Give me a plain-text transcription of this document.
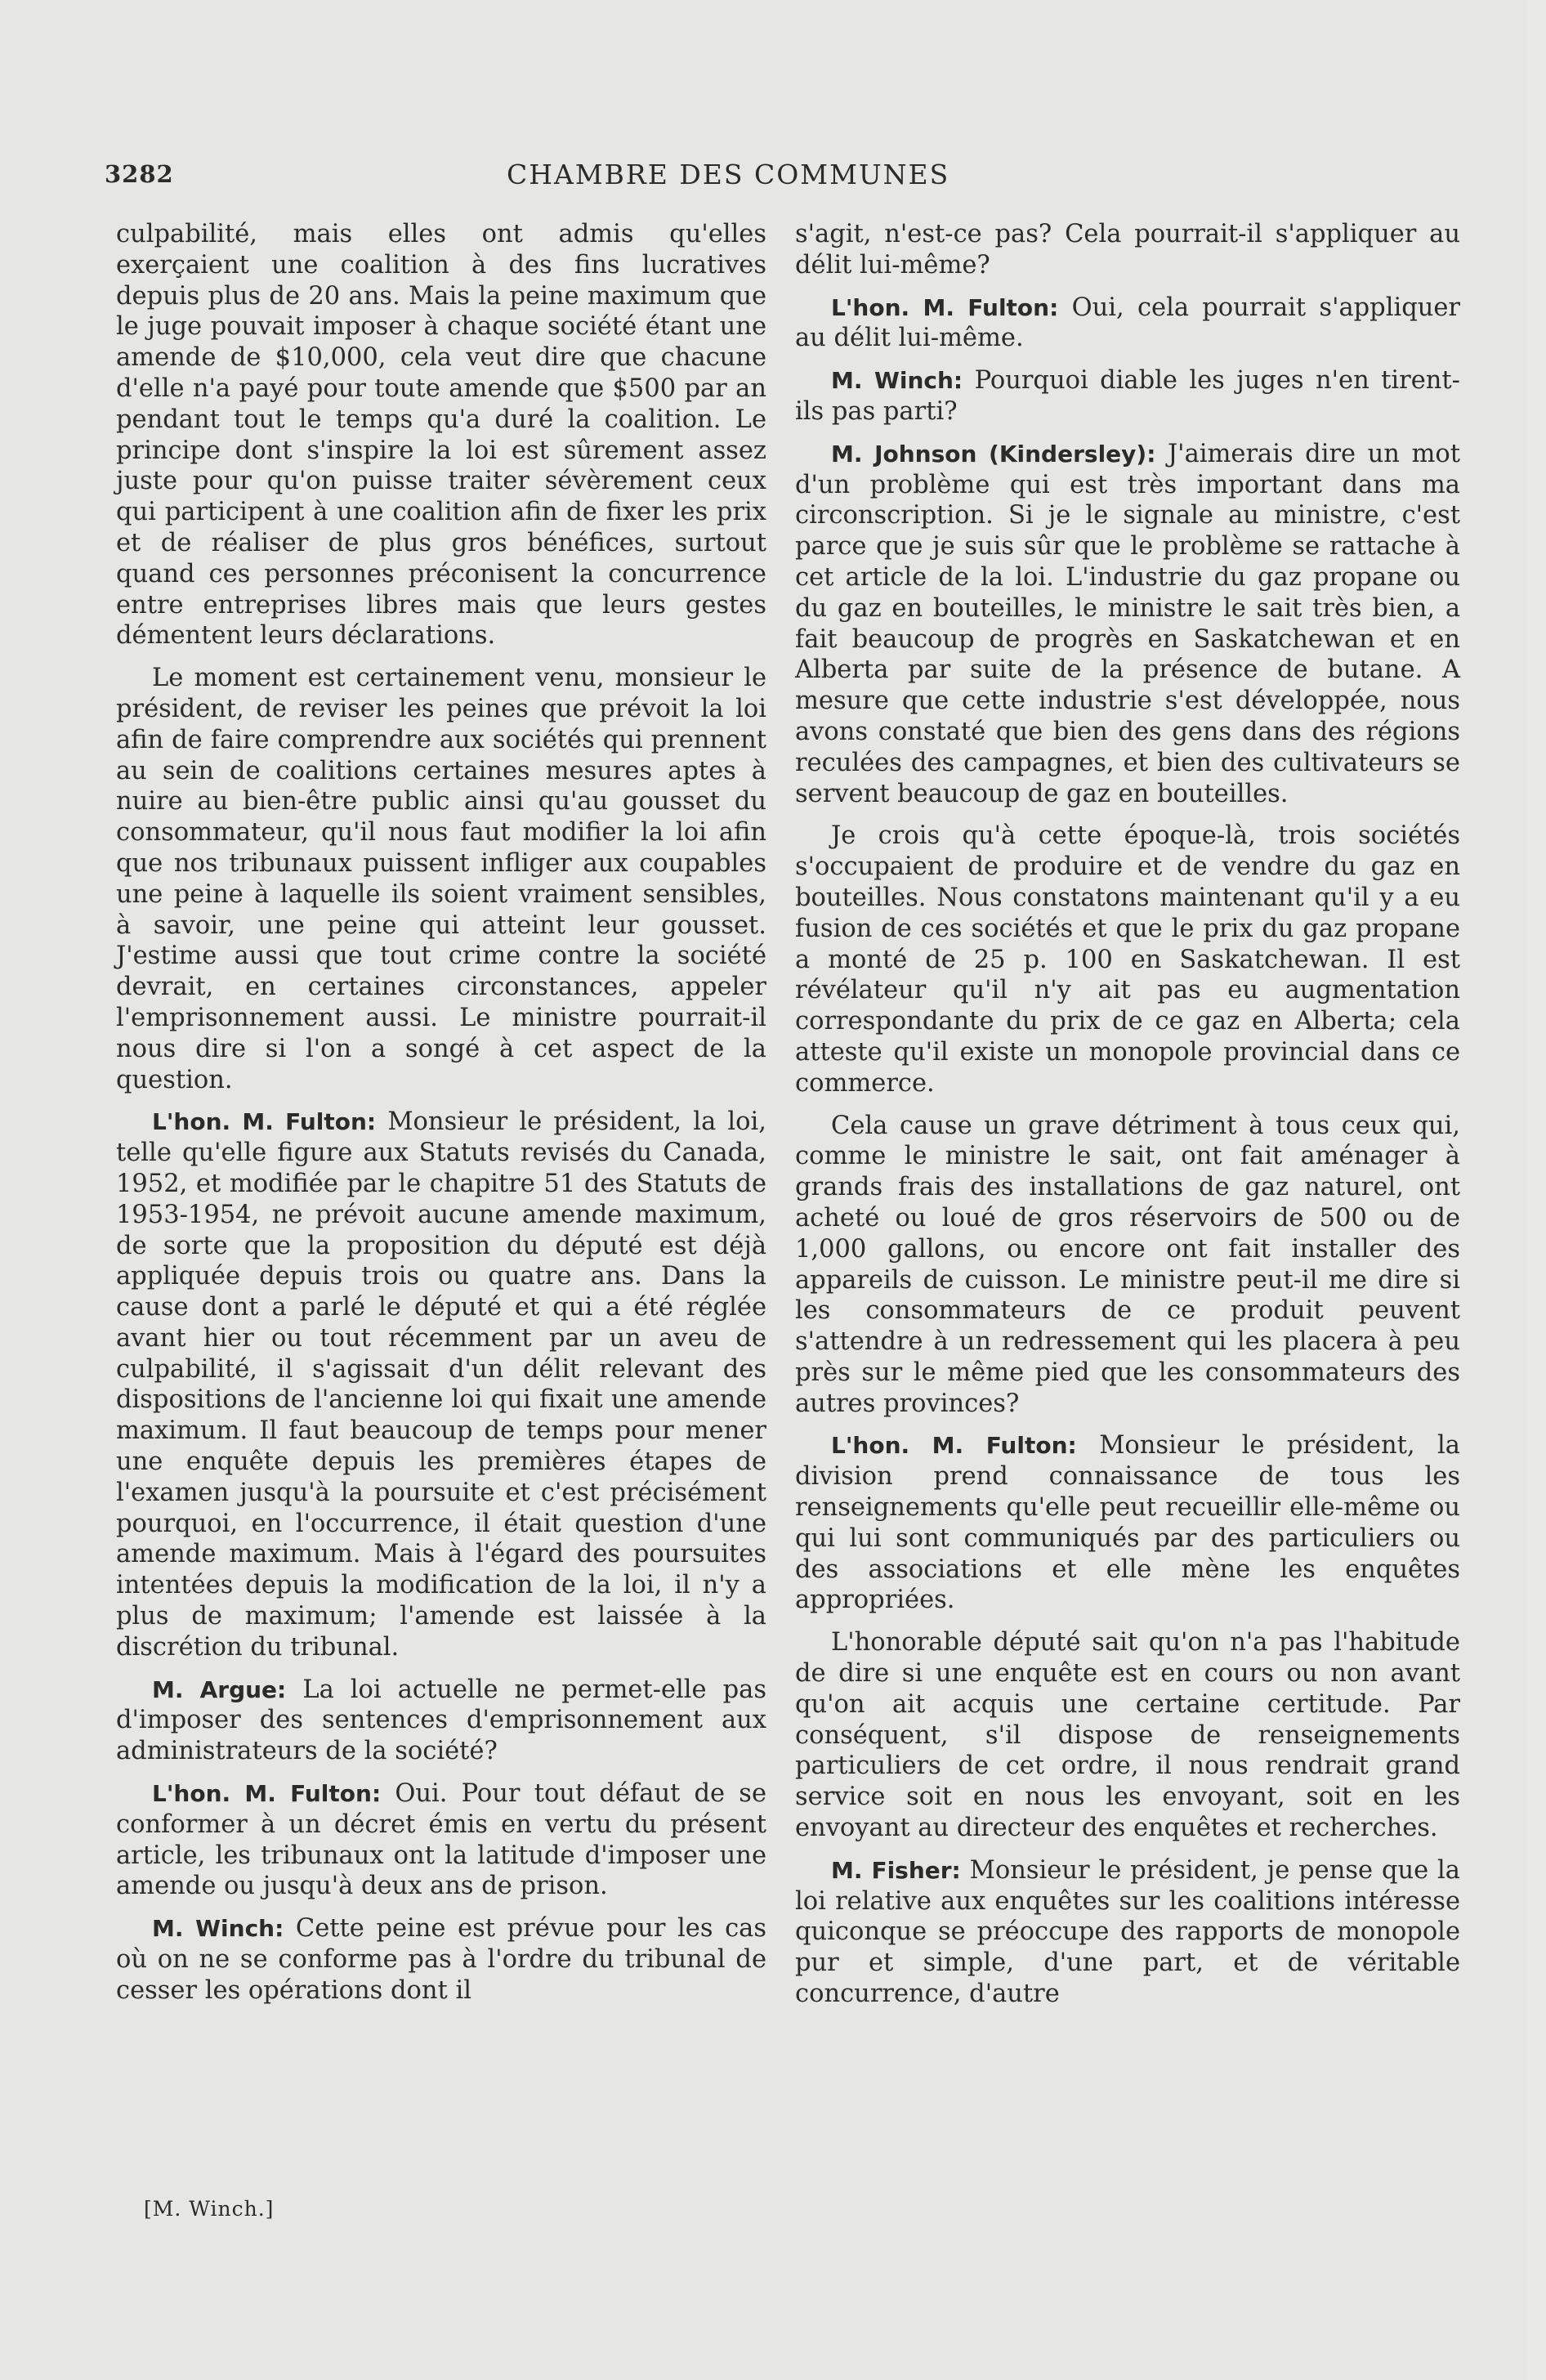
3282	CHAMBRE DES COMMUNES

culpabilité, mais elles ont admis qu'elles exerçaient une coalition à des fins lucratives depuis plus de 20 ans. Mais la peine maximum que le juge pouvait imposer à chaque société étant une amende de $10,000, cela veut dire que chacune d'elle n'a payé pour toute amende que $500 par an pendant tout le temps qu'a duré la coalition. Le principe dont s'inspire la loi est sûrement assez juste pour qu'on puisse traiter sévèrement ceux qui participent à une coalition afin de fixer les prix et de réaliser de plus gros bénéfices, surtout quand ces personnes préconisent la concurrence entre entreprises libres mais que leurs gestes démentent leurs déclarations.

Le moment est certainement venu, monsieur le président, de reviser les peines que prévoit la loi afin de faire comprendre aux sociétés qui prennent au sein de coalitions certaines mesures aptes à nuire au bien-être public ainsi qu'au gousset du consommateur, qu'il nous faut modifier la loi afin que nos tribunaux puissent infliger aux coupables une peine à laquelle ils soient vraiment sensibles, à savoir, une peine qui atteint leur gousset. J'estime aussi que tout crime contre la société devrait, en certaines circonstances, appeler l'emprisonnement aussi. Le ministre pourrait-il nous dire si l'on a songé à cet aspect de la question.

L'hon. M. Fulton: Monsieur le président, la loi, telle qu'elle figure aux Statuts revisés du Canada, 1952, et modifiée par le chapitre 51 des Statuts de 1953-1954, ne prévoit aucune amende maximum, de sorte que la proposition du député est déjà appliquée depuis trois ou quatre ans. Dans la cause dont a parlé le député et qui a été réglée avant hier ou tout récemment par un aveu de culpabilité, il s'agissait d'un délit relevant des dispositions de l'ancienne loi qui fixait une amende maximum. Il faut beaucoup de temps pour mener une enquête depuis les premières étapes de l'examen jusqu'à la poursuite et c'est précisément pourquoi, en l'occurrence, il était question d'une amende maximum. Mais à l'égard des poursuites intentées depuis la modification de la loi, il n'y a plus de maximum; l'amende est laissée à la discrétion du tribunal.

M. Argue: La loi actuelle ne permet-elle pas d'imposer des sentences d'emprisonnement aux administrateurs de la société?

L'hon. M. Fulton: Oui. Pour tout défaut de se conformer à un décret émis en vertu du présent article, les tribunaux ont la latitude d'imposer une amende ou jusqu'à deux ans de prison.

M. Winch: Cette peine est prévue pour les cas où on ne se conforme pas à l'ordre du tribunal de cesser les opérations dont il

s'agit, n'est-ce pas? Cela pourrait-il s'appliquer au délit lui-même?

L'hon. M. Fulton: Oui, cela pourrait s'appliquer au délit lui-même.

M. Winch: Pourquoi diable les juges n'en tirent-ils pas parti?

M. Johnson (Kindersley): J'aimerais dire un mot d'un problème qui est très important dans ma circonscription. Si je le signale au ministre, c'est parce que je suis sûr que le problème se rattache à cet article de la loi. L'industrie du gaz propane ou du gaz en bouteilles, le ministre le sait très bien, a fait beaucoup de progrès en Saskatchewan et en Alberta par suite de la présence de butane. A mesure que cette industrie s'est développée, nous avons constaté que bien des gens dans des régions reculées des campagnes, et bien des cultivateurs se servent beaucoup de gaz en bouteilles.

Je crois qu'à cette époque-là, trois sociétés s'occupaient de produire et de vendre du gaz en bouteilles. Nous constatons maintenant qu'il y a eu fusion de ces sociétés et que le prix du gaz propane a monté de 25 p. 100 en Saskatchewan. Il est révélateur qu'il n'y ait pas eu augmentation correspondante du prix de ce gaz en Alberta; cela atteste qu'il existe un monopole provincial dans ce commerce.

Cela cause un grave détriment à tous ceux qui, comme le ministre le sait, ont fait aménager à grands frais des installations de gaz naturel, ont acheté ou loué de gros réservoirs de 500 ou de 1,000 gallons, ou encore ont fait installer des appareils de cuisson. Le ministre peut-il me dire si les consommateurs de ce produit peuvent s'attendre à un redressement qui les placera à peu près sur le même pied que les consommateurs des autres provinces?

L'hon. M. Fulton: Monsieur le président, la division prend connaissance de tous les renseignements qu'elle peut recueillir elle-même ou qui lui sont communiqués par des particuliers ou des associations et elle mène les enquêtes appropriées.

L'honorable député sait qu'on n'a pas l'habitude de dire si une enquête est en cours ou non avant qu'on ait acquis une certaine certitude. Par conséquent, s'il dispose de renseignements particuliers de cet ordre, il nous rendrait grand service soit en nous les envoyant, soit en les envoyant au directeur des enquêtes et recherches.

M. Fisher: Monsieur le président, je pense que la loi relative aux enquêtes sur les coalitions intéresse quiconque se préoccupe des rapports de monopole pur et simple, d'une part, et de véritable concurrence, d'autre

[M. Winch.]
